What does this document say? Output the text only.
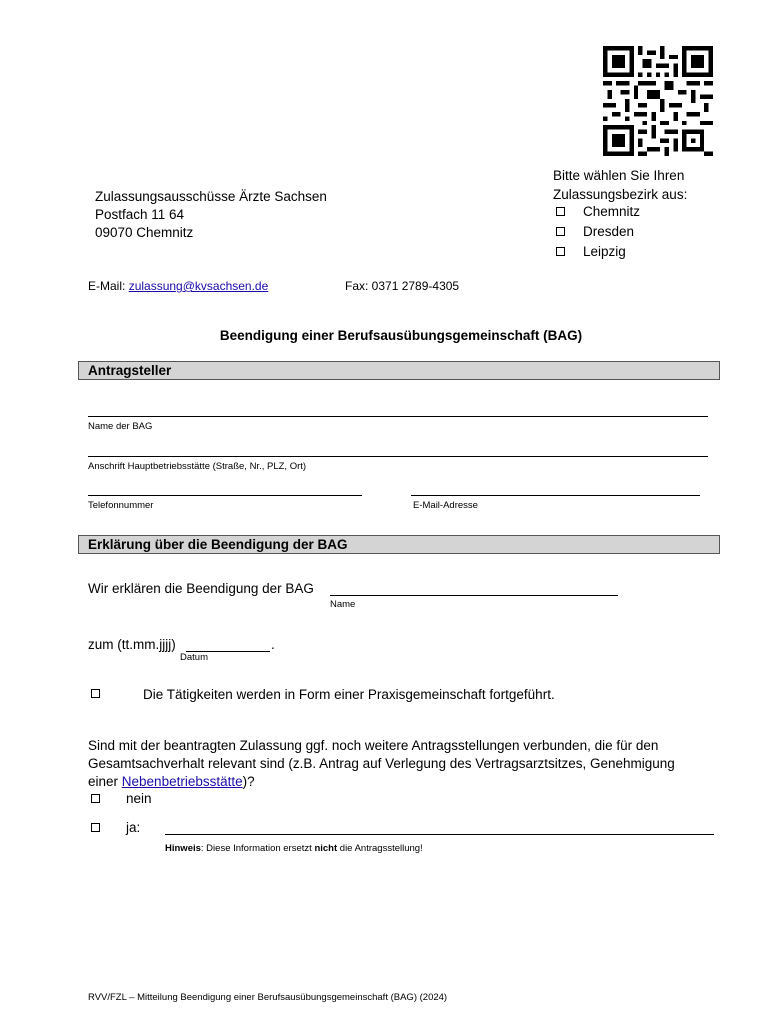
Bitte wählen Sie Ihren
Zulassungsbezirk aus:
Chemnitz
Dresden
Leipzig
Zulassungsausschüsse Ärzte Sachsen
Postfach 11 64
09070 Chemnitz
E-Mail: zulassung@kvsachsen.de	Fax: 0371 2789-4305
Beendigung einer Berufsausübungsgemeinschaft (BAG)
Antragsteller
Name der BAG
Anschrift Hauptbetriebsstätte (Straße, Nr., PLZ, Ort)
Telefonnummer	E-Mail-Adresse
Erklärung über die Beendigung der BAG
Wir erklären die Beendigung der BAG
Name
zum (tt.mm.jjjj)	.
Datum
Die Tätigkeiten werden in Form einer Praxisgemeinschaft fortgeführt.
Sind mit der beantragten Zulassung ggf. noch weitere Antragsstellungen verbunden, die für den
Gesamtsachverhalt relevant sind (z.B. Antrag auf Verlegung des Vertragsarztsitzes, Genehmigung
einer Nebenbetriebsstätte)?
nein
ja:
Hinweis: Diese Information ersetzt nicht die Antragsstellung!
RVV/FZL – Mitteilung Beendigung einer Berufsausübungsgemeinschaft (BAG) (2024)
